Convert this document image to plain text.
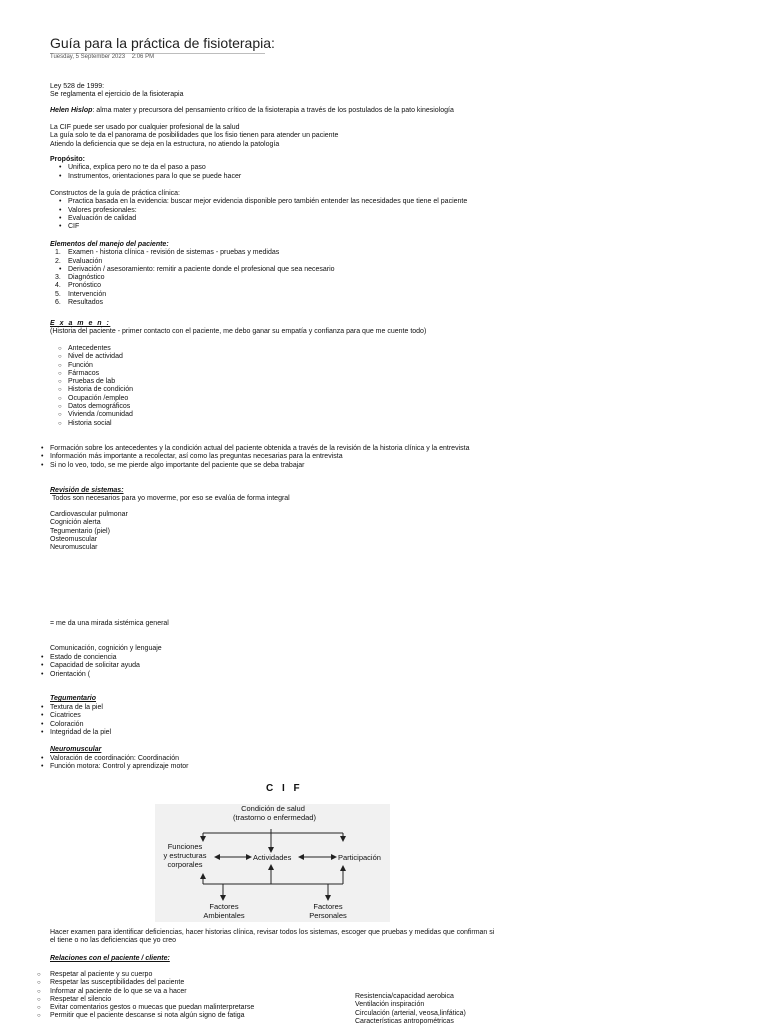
Guía para la práctica de fisioterapia:
Tuesday, 5 September 2023 2:06 PM
Ley 528 de 1999:
Se reglamenta el ejercicio de la fisioterapia
Helen Hislop: alma mater y precursora del pensamiento crítico de la fisioterapia a través de los postulados de la pato kinesiología
La CIF puede ser usado por cualquier profesional de la salud
La guía solo te da el panorama de posibilidades que los fisio tienen para atender un paciente
Atiendo la deficiencia que se deja en la estructura, no atiendo la patología
Propósito:
• Unifica, explica pero no te da el paso a paso
• Instrumentos, orientaciones para lo que se puede hacer
Constructos de la guía de práctica clínica:
• Practica basada en la evidencia: buscar mejor evidencia disponible pero también entender las necesidades que tiene el paciente
• Valores profesionales:
• Evaluación de calidad
• CIF
Elementos del manejo del paciente:
1. Examen - historia clínica - revisión de sistemas - pruebas y medidas
2. Evaluación
• Derivación / asesoramiento: remitir a paciente donde el profesional que sea necesario
3. Diagnóstico
4. Pronóstico
5. Intervención
6. Resultados
E x a m e n :
(Historia del paciente - primer contacto con el paciente, me debo ganar su empatía y confianza para que me cuente todo)
○ Antecedentes
○ Nivel de actividad
○ Función
○ Fármacos
○ Pruebas de lab
○ Historia de condición
○ Ocupación /empleo
○ Datos demográficos
○ Vivienda /comunidad
○ Historia social
• Formación sobre los antecedentes y la condición actual del paciente obtenida a través de la revisión de la historia clínica y la entrevista
• Información más importante a recolectar, así como las preguntas necesarias para la entrevista
• Si no lo veo, todo, se me pierde algo importante del paciente que se deba trabajar
Revisión de sistemas:
Todos son necesarios para yo moverme, por eso se evalúa de forma integral
Cardiovascular pulmonar
Cognición alerta
Tegumentario (piel)
Osteomuscular
Neuromuscular
= me da una mirada sistémica general
Comunicación, cognición y lenguaje
• Estado de conciencia
• Capacidad de solicitar ayuda
• Orientación (
Tegumentario
• Textura de la piel
• Cicatrices
• Coloración
• Integridad de la piel
Neuromuscular
• Valoración de coordinación: Coordinación
• Función motora: Control y aprendizaje motor
C I F
Condición de salud
(trastorno o enfermedad)
Funciones
y estructuras
corporales
Actividades	Participación
Factores
Ambientales
Factores
Personales
Hacer examen para identificar deficiencias, hacer historias clínica, revisar todos los sistemas, escoger que pruebas y medidas que confirman si
el tiene o no las deficiencias que yo creo
Relaciones con el paciente / cliente:
○ Respetar al paciente y su cuerpo
○ Respetar las susceptibilidades del paciente
○ Informar al paciente de lo que se va a hacer
○ Respetar el silencio
○ Evitar comentarios gestos o muecas que puedan malinterpretarse
○ Permitir que el paciente descanse si nota algún signo de fatiga
Resistencia/capacidad aerobica
Ventilación inspiración
Circulación (arterial, veosa,linfática)
Características antropométricas
